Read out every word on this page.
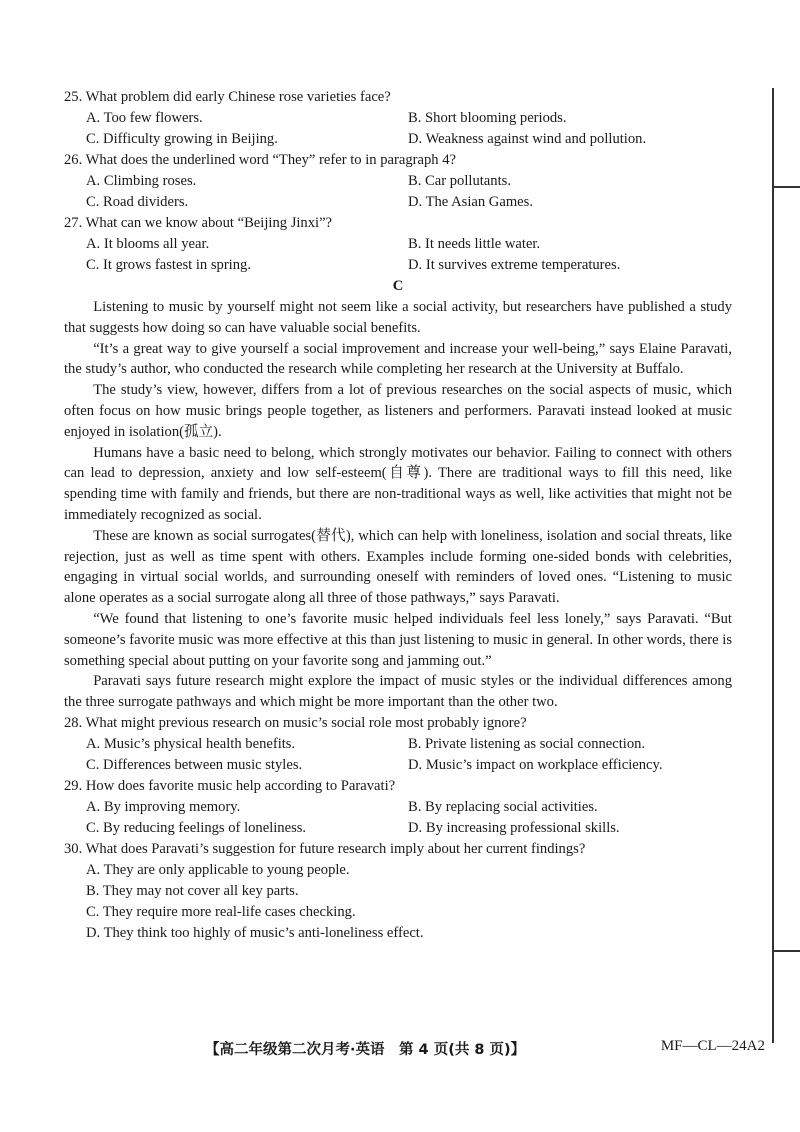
25. What problem did early Chinese rose varieties face?
A. Too few flowers.	B. Short blooming periods.
C. Difficulty growing in Beijing.	D. Weakness against wind and pollution.
26. What does the underlined word “They” refer to in paragraph 4?
A. Climbing roses.	B. Car pollutants.
C. Road dividers.	D. The Asian Games.
27. What can we know about “Beijing Jinxi”?
A. It blooms all year.	B. It needs little water.
C. It grows fastest in spring.	D. It survives extreme temperatures.
C

Listening to music by yourself might not seem like a social activity, but researchers have published a study that suggests how doing so can have valuable social benefits.

“It’s a great way to give yourself a social improvement and increase your well-being,” says Elaine Paravati, the study’s author, who conducted the research while completing her research at the University at Buffalo.

The study’s view, however, differs from a lot of previous researches on the social aspects of music, which often focus on how music brings people together, as listeners and performers. Paravati instead looked at music enjoyed in isolation(孤立).

Humans have a basic need to belong, which strongly motivates our behavior. Failing to connect with others can lead to depression, anxiety and low self-esteem(自尊). There are traditional ways to fill this need, like spending time with family and friends, but there are non-traditional ways as well, like activities that might not be immediately recognized as social.

These are known as social surrogates(替代), which can help with loneliness, isolation and social threats, like rejection, just as well as time spent with others. Examples include forming one-sided bonds with celebrities, engaging in virtual social worlds, and surrounding oneself with reminders of loved ones. “Listening to music alone operates as a social surrogate along all three of those pathways,” says Paravati.

“We found that listening to one’s favorite music helped individuals feel less lonely,” says Paravati. “But someone’s favorite music was more effective at this than just listening to music in general. In other words, there is something special about putting on your favorite song and jamming out.”

Paravati says future research might explore the impact of music styles or the individual differences among the three surrogate pathways and which might be more important than the other two.

28. What might previous research on music’s social role most probably ignore?
A. Music’s physical health benefits.	B. Private listening as social connection.
C. Differences between music styles.	D. Music’s impact on workplace efficiency.
29. How does favorite music help according to Paravati?
A. By improving memory.	B. By replacing social activities.
C. By reducing feelings of loneliness.	D. By increasing professional skills.
30. What does Paravati’s suggestion for future research imply about her current findings?
A. They are only applicable to young people.
B. They may not cover all key parts.
C. They require more real-life cases checking.
D. They think too highly of music’s anti-loneliness effect.
【高二年级第二次月考·英语　第 4 页(共 8 页)】	MF—CL—24A2
